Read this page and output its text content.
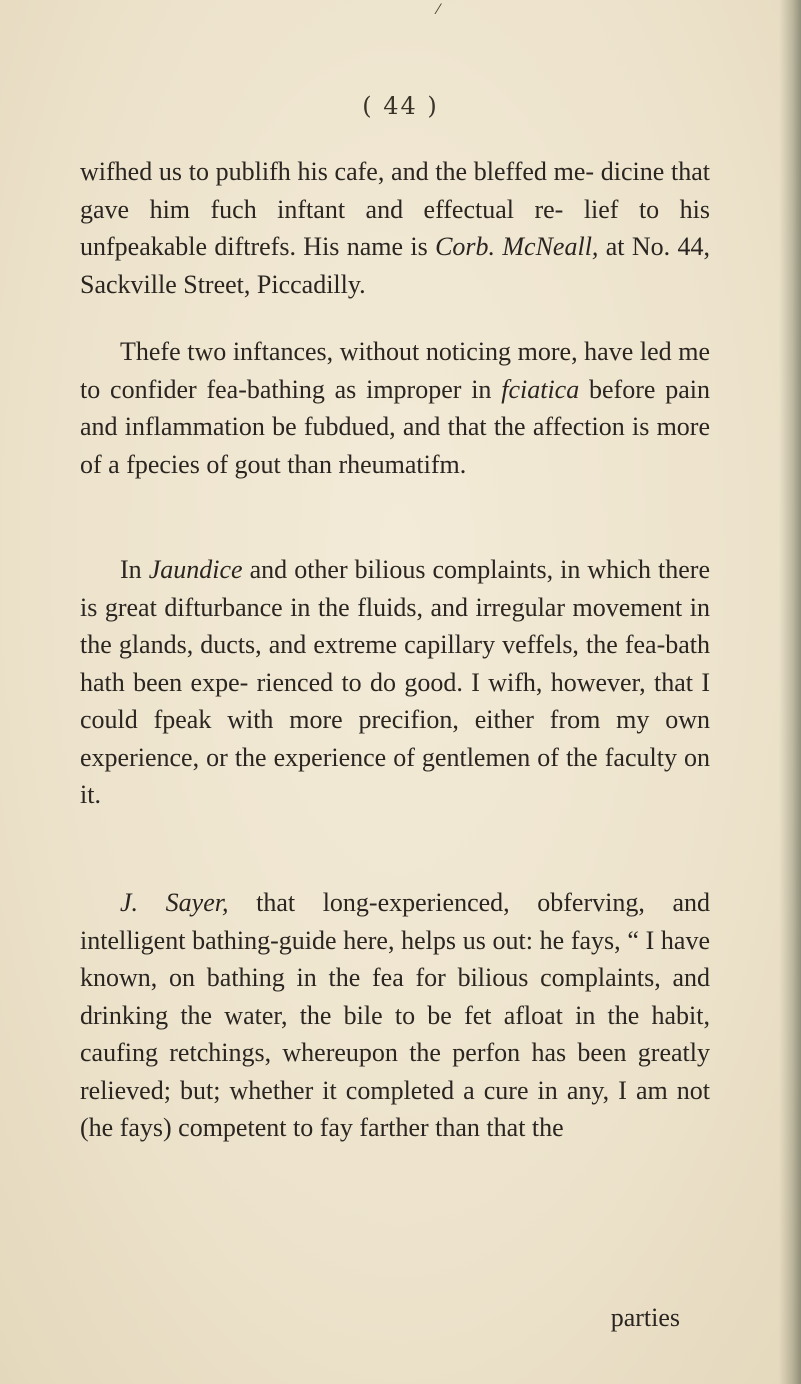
⁄
( 44 )

wifhed us to publifh his cafe, and the bleffed me- dicine that gave him fuch inftant and effectual re- lief to his unfpeakable diftrefs. His name is Corb. McNeall, at No. 44, Sackville Street, Piccadilly.

Thefe two inftances, without noticing more, have led me to confider fea-bathing as improper in fciatica before pain and inflammation be fubdued, and that the affection is more of a fpecies of gout than rheumatifm.

In Jaundice and other bilious complaints, in which there is great difturbance in the fluids, and irregular movement in the glands, ducts, and extreme capillary veffels, the fea-bath hath been expe- rienced to do good. I wifh, however, that I could fpeak with more precifion, either from my own experience, or the experience of gentlemen of the faculty on it.

J. Sayer, that long-experienced, obferving, and intelligent bathing-guide here, helps us out: he fays, “ I have known, on bathing in the fea for bilious complaints, and drinking the water, the bile to be fet afloat in the habit, caufing retchings, whereupon the perfon has been greatly relieved; but; whether it completed a cure in any, I am not (he fays) competent to fay farther than that the

parties
